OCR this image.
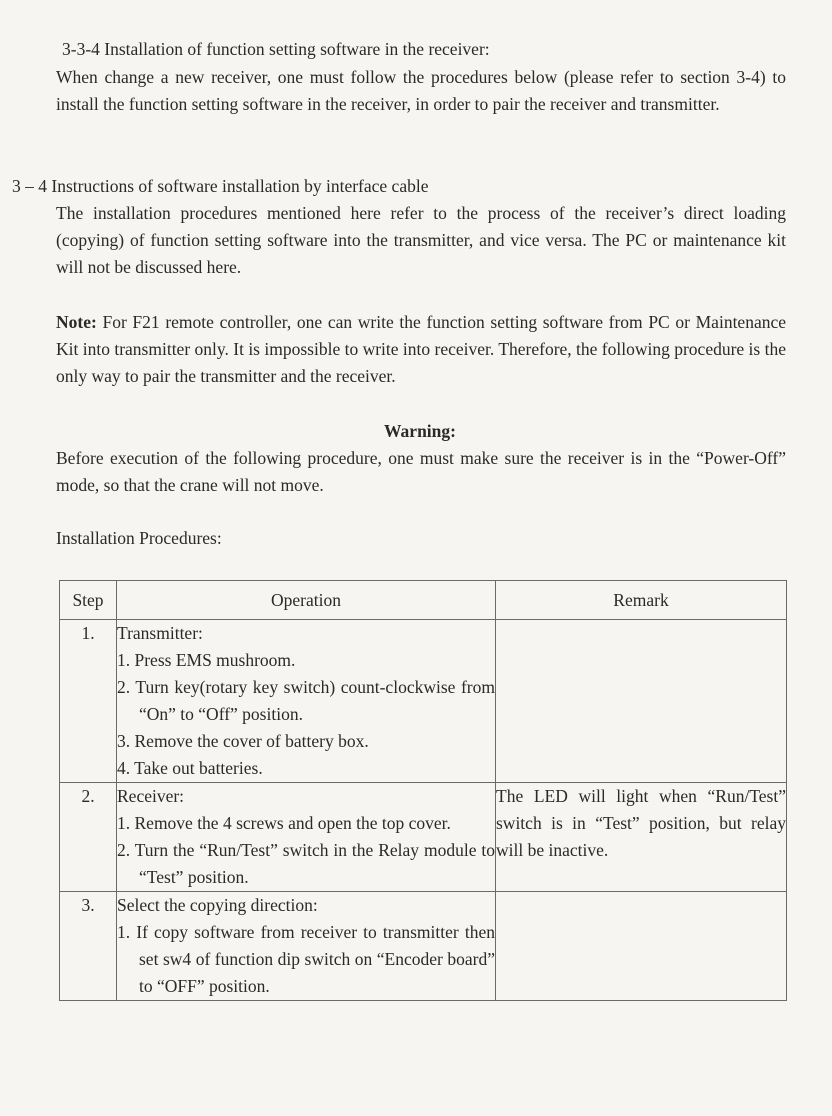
3-3-4 Installation of function setting software in the receiver:
When change a new receiver, one must follow the procedures below (please refer to section 3-4) to install the function setting software in the receiver, in order to pair the receiver and transmitter.
3 – 4 Instructions of software installation by interface cable
The installation procedures mentioned here refer to the process of the receiver’s direct loading (copying) of function setting software into the transmitter, and vice versa. The PC or maintenance kit will not be discussed here.
Note: For F21 remote controller, one can write the function setting software from PC or Maintenance Kit into transmitter only. It is impossible to write into receiver. Therefore, the following procedure is the only way to pair the transmitter and the receiver.
Warning:
Before execution of the following procedure, one must make sure the receiver is in the “Power-Off” mode, so that the crane will not move.
Installation Procedures:
Step	Operation	Remark
1.	Transmitter:
1. Press EMS mushroom.
2. Turn key(rotary key switch) count-clockwise from “On” to “Off” position.
3. Remove the cover of battery box.
4. Take out batteries.	

2.	Receiver:
1. Remove the 4 screws and open the top cover.
2. Turn the “Run/Test” switch in the Relay module to “Test” position.	The LED will light when “Run/Test” switch is in “Test” position, but relay will be inactive.
3.	Select the copying direction:
1. If copy software from receiver to transmitter then set sw4 of function dip switch on “Encoder board” to “OFF” position.	
